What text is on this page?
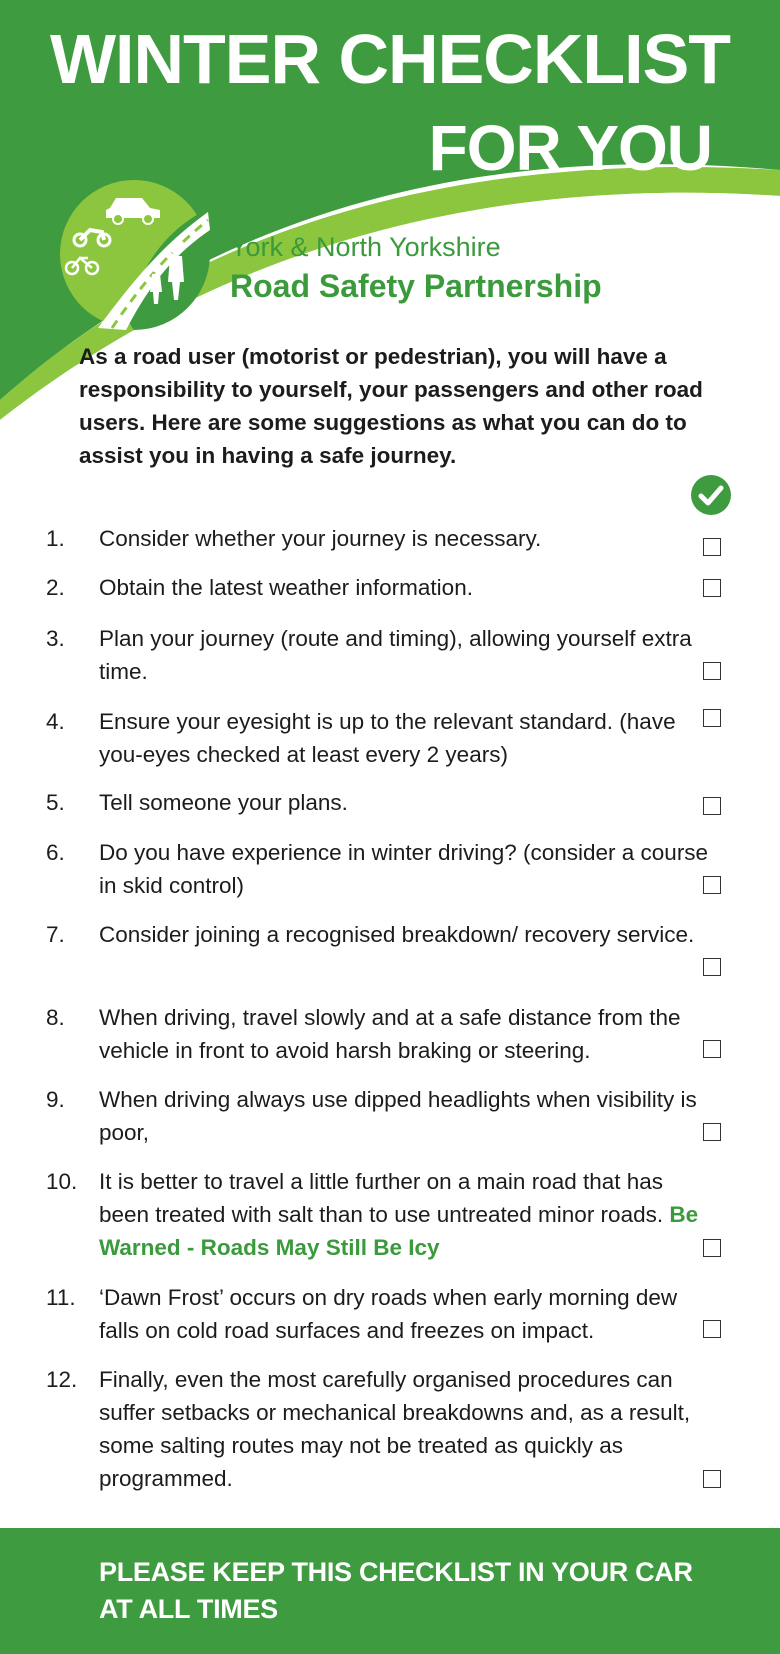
WINTER CHECKLIST
FOR YOU
York & North Yorkshire
Road Safety Partnership
As a road user (motorist or pedestrian), you will have a responsibility to yourself, your passengers and other road users. Here are some suggestions as what you can do to assist you in having a safe journey.
1.	Consider whether your journey is necessary.
2.	Obtain the latest weather information.
3.	Plan your journey (route and timing), allowing yourself extra time.
4.	Ensure your eyesight is up to the relevant standard. (have you-eyes checked at least every 2 years)
5.	Tell someone your plans.
6.	Do you have experience in winter driving? (consider a course in skid control)
7.	Consider joining a recognised breakdown/ recovery service.
8.	When driving, travel slowly and at a safe distance from the vehicle in front to avoid harsh braking or steering.
9.	When driving always use dipped headlights when visibility is poor,
10. It is better to travel a little further on a main road that has been treated with salt than to use untreated minor roads. Be Warned - Roads May Still Be Icy
11.	‘Dawn Frost’ occurs on dry roads when early morning dew falls on cold road surfaces and freezes on impact.
12. Finally, even the most carefully organised procedures can suffer setbacks or mechanical breakdowns and, as a result, some salting routes may not be treated as quickly as programmed.
PLEASE KEEP THIS CHECKLIST IN YOUR CAR
AT ALL TIMES
